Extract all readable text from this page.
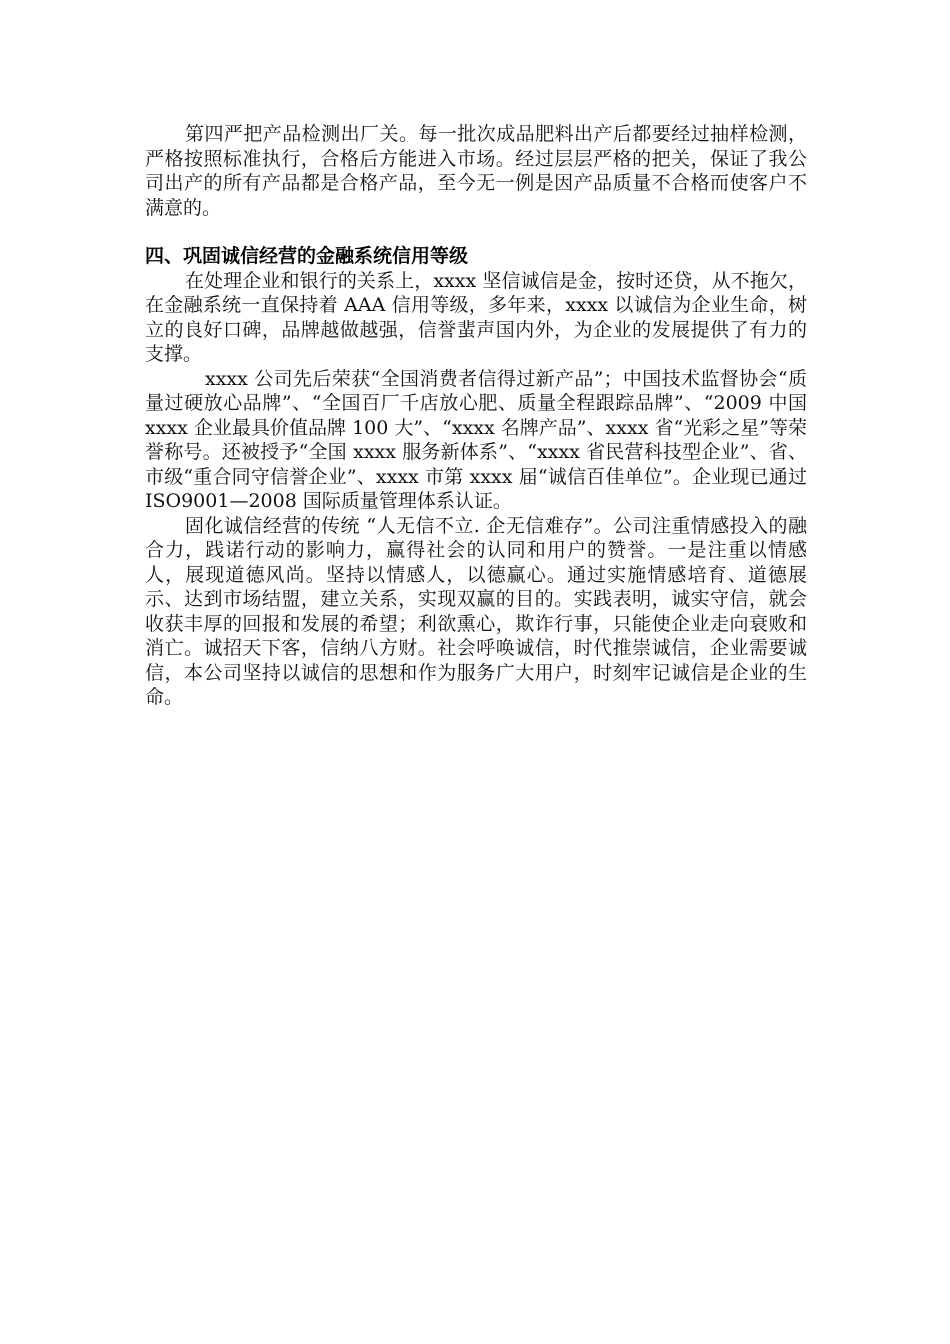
第四严把产品检测出厂关。每一批次成品肥料出产后都要经过抽样检测，严格按照标准执行，合格后方能进入市场。经过层层严格的把关，保证了我公司出产的所有产品都是合格产品，至今无一例是因产品质量不合格而使客户不满意的。

四、巩固诚信经营的金融系统信用等级

在处理企业和银行的关系上，xxxx 坚信诚信是金，按时还贷，从不拖欠，在金融系统一直保持着 AAA 信用等级，多年来，xxxx 以诚信为企业生命，树立的良好口碑，品牌越做越强，信誉蜚声国内外，为企业的发展提供了有力的支撑。

xxxx 公司先后荣获“全国消费者信得过新产品”；中国技术监督协会“质量过硬放心品牌”、“全国百厂千店放心肥、质量全程跟踪品牌”、“2009 中国 xxxx 企业最具价值品牌 100 大”、“xxxx 名牌产品”、xxxx 省“光彩之星”等荣誉称号。还被授予“全国 xxxx 服务新体系”、“xxxx 省民营科技型企业”、省、市级“重合同守信誉企业”、xxxx 市第 xxxx 届“诚信百佳单位”。企业现已通过 ISO9001—2008 国际质量管理体系认证。

固化诚信经营的传统 “人无信不立. 企无信难存”。公司注重情感投入的融合力，践诺行动的影响力，赢得社会的认同和用户的赞誉。一是注重以情感人，展现道德风尚。坚持以情感人，以德赢心。通过实施情感培育、道德展示、达到市场结盟，建立关系，实现双赢的目的。实践表明，诚实守信，就会收获丰厚的回报和发展的希望；利欲熏心，欺诈行事，只能使企业走向衰败和消亡。诚招天下客，信纳八方财。社会呼唤诚信，时代推崇诚信，企业需要诚信，本公司坚持以诚信的思想和作为服务广大用户，时刻牢记诚信是企业的生命。
